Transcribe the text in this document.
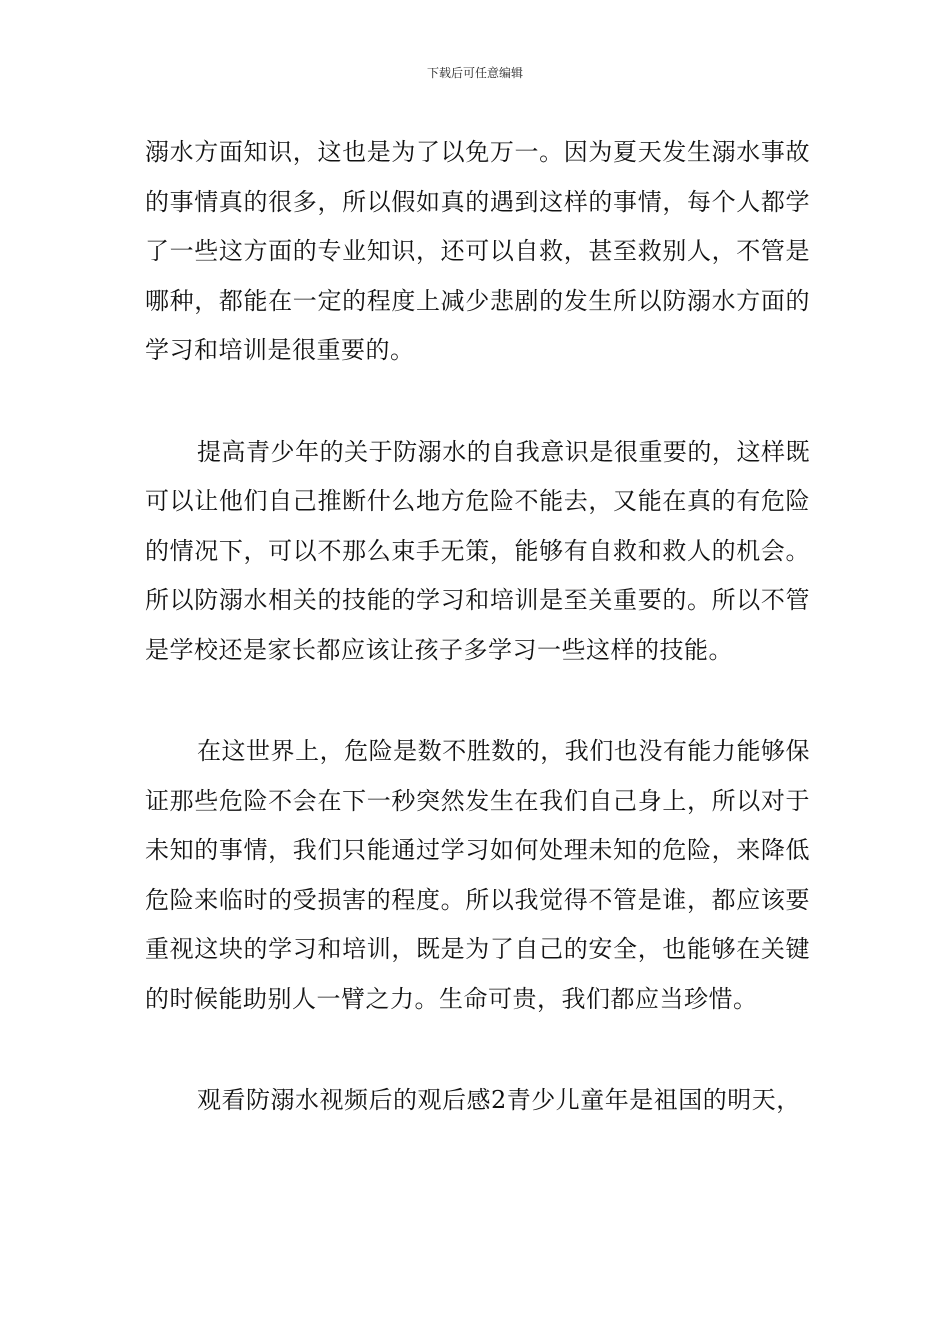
下载后可任意编辑

溺水方面知识，这也是为了以免万一。因为夏天发生溺水事故的事情真的很多，所以假如真的遇到这样的事情，每个人都学了一些这方面的专业知识，还可以自救，甚至救别人，不管是哪种，都能在一定的程度上减少悲剧的发生所以防溺水方面的学习和培训是很重要的。

提高青少年的关于防溺水的自我意识是很重要的，这样既可以让他们自己推断什么地方危险不能去，又能在真的有危险的情况下，可以不那么束手无策，能够有自救和救人的机会。所以防溺水相关的技能的学习和培训是至关重要的。所以不管是学校还是家长都应该让孩子多学习一些这样的技能。

在这世界上，危险是数不胜数的，我们也没有能力能够保证那些危险不会在下一秒突然发生在我们自己身上，所以对于未知的事情，我们只能通过学习如何处理未知的危险，来降低危险来临时的受损害的程度。所以我觉得不管是谁，都应该要重视这块的学习和培训，既是为了自己的安全，也能够在关键的时候能助别人一臂之力。生命可贵，我们都应当珍惜。

观看防溺水视频后的观后感2青少儿童年是祖国的明天，
